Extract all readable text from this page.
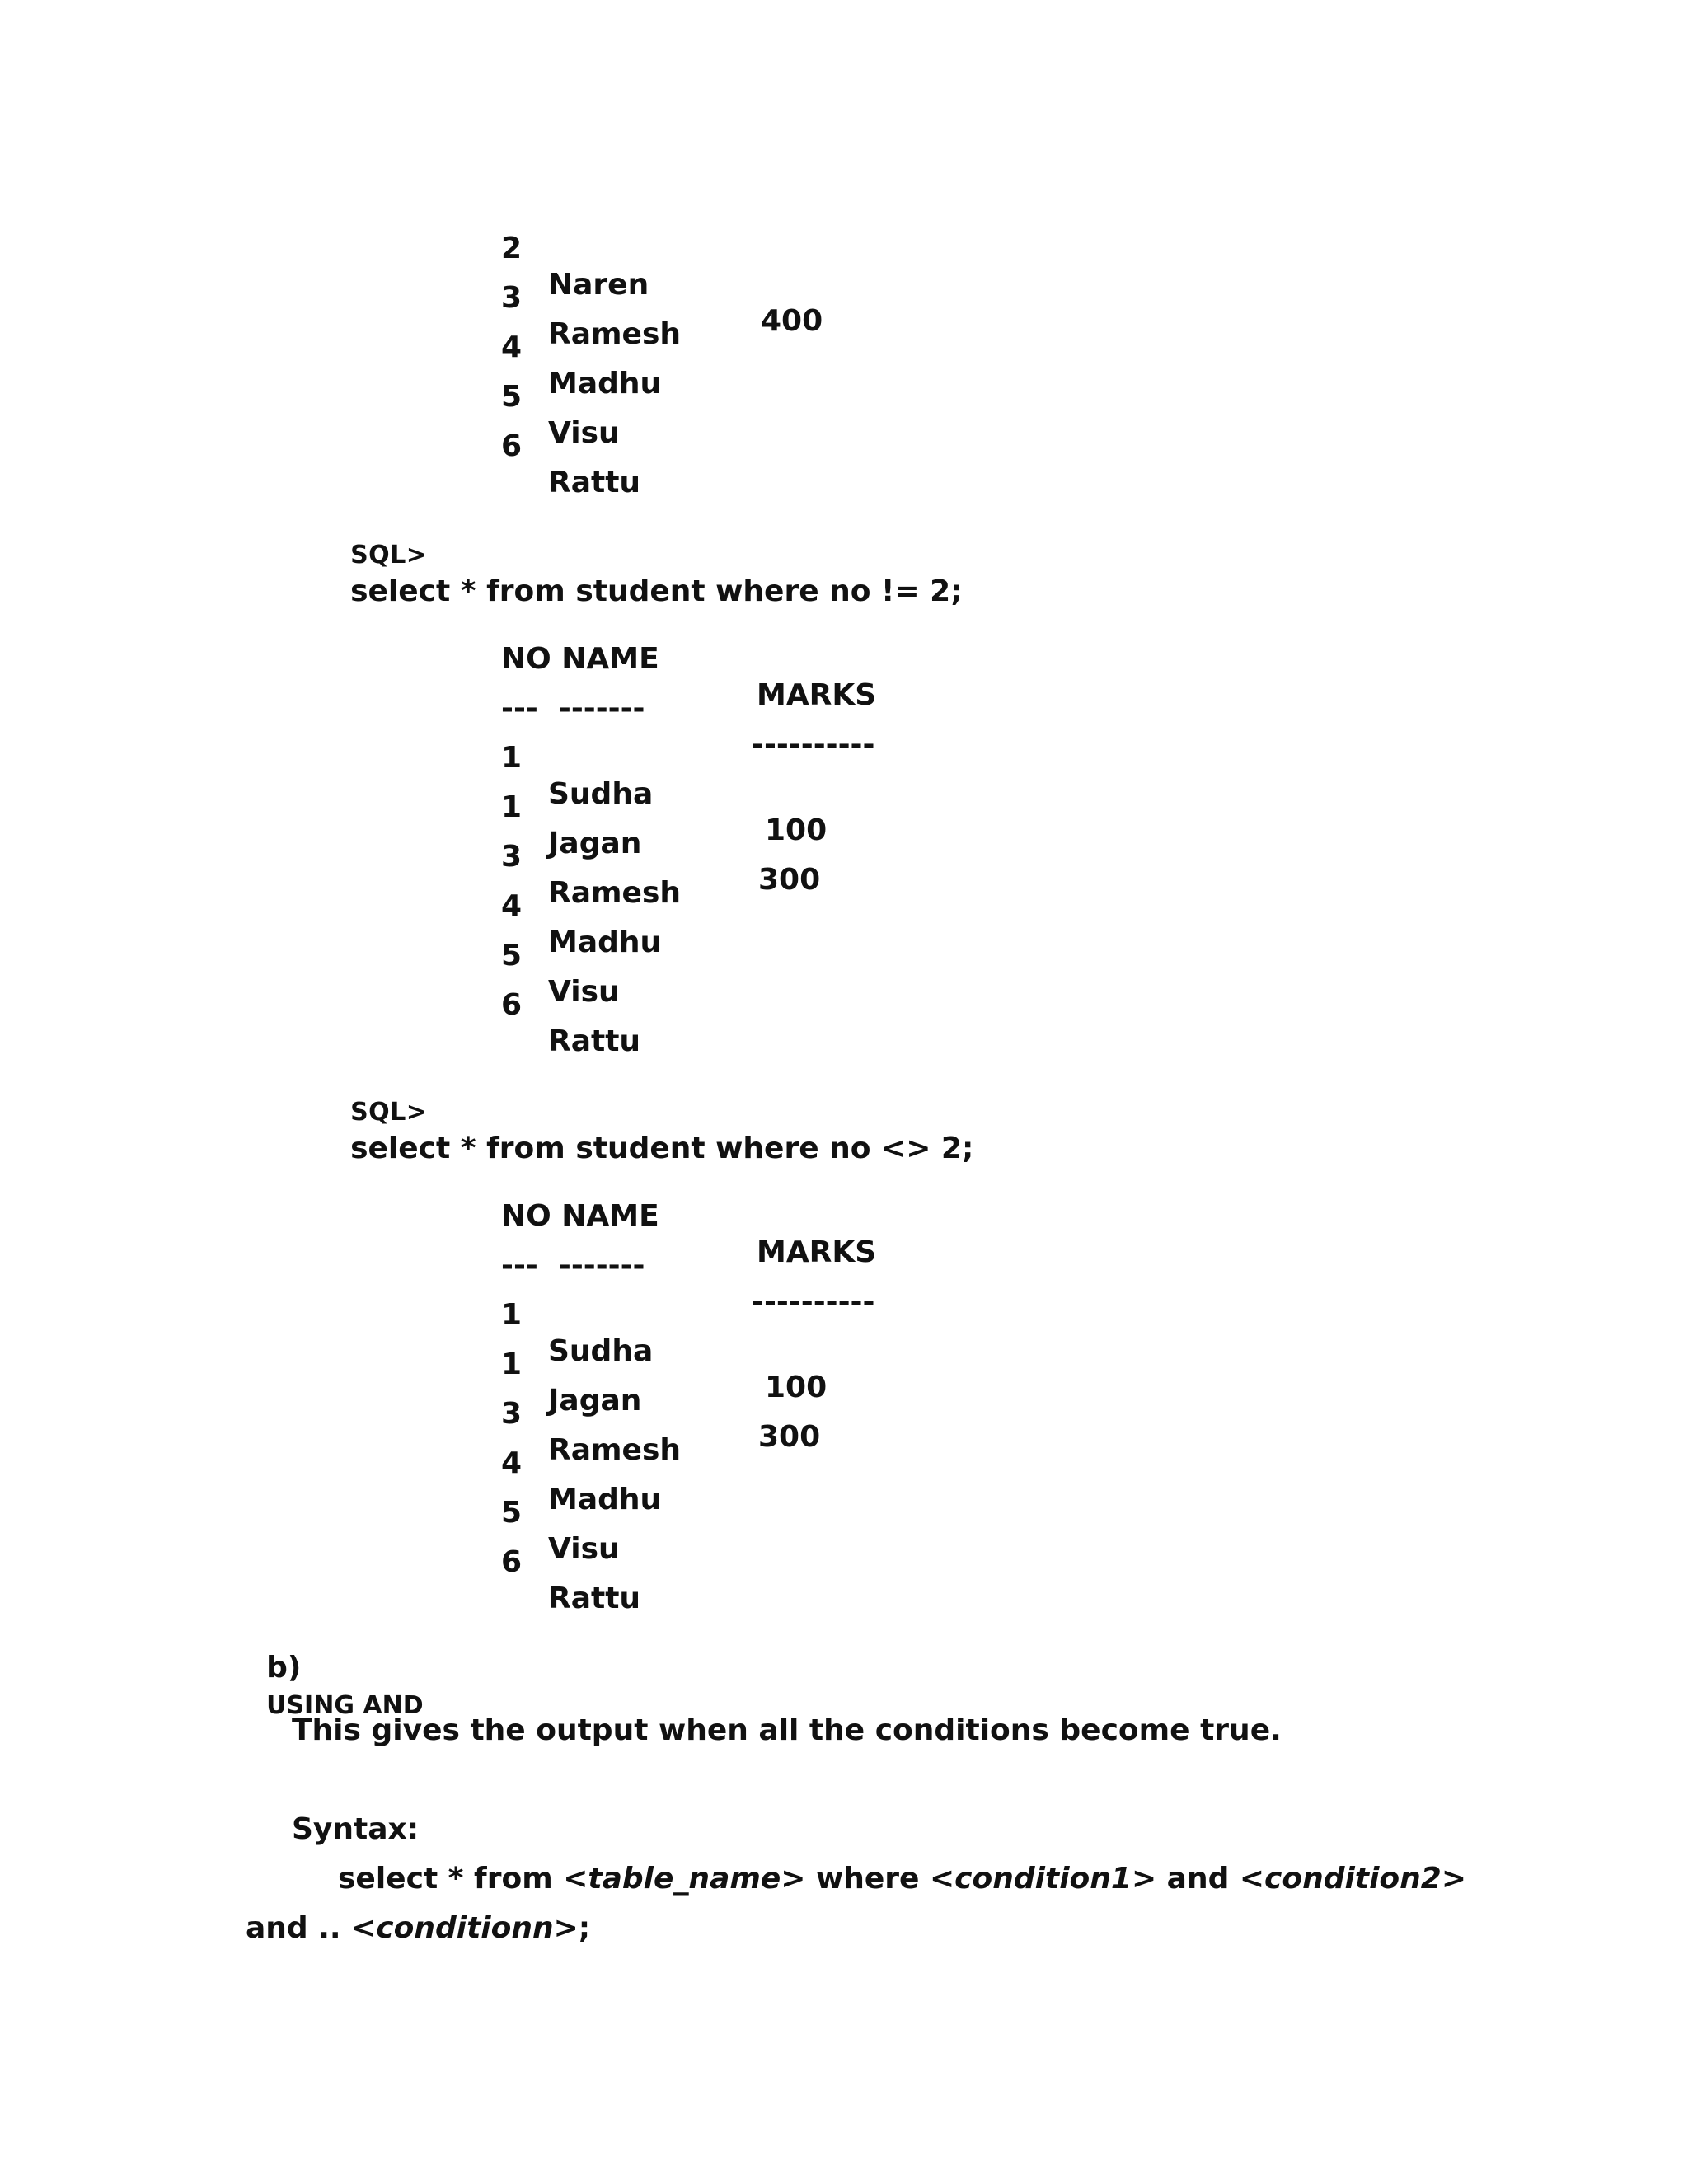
2

Naren

400

3

Ramesh

4

Madhu

5

Visu

6

Rattu

SQL>
select * from student where no != 2;

NO NAME

MARKS

---  -------

----------

1

Sudha

100

1

Jagan

300

3

Ramesh

4

Madhu

5

Visu

6

Rattu

SQL>
select * from student where no <> 2;

NO NAME

MARKS

---  -------

----------

1

Sudha

100

1

Jagan

300

3

Ramesh

4

Madhu

5

Visu

6

Rattu

b)
USING AND

This gives the output when all the conditions become true.
Syntax:
select * from <table_name> where <condition1> and <condition2>
and .. <conditionn>;
